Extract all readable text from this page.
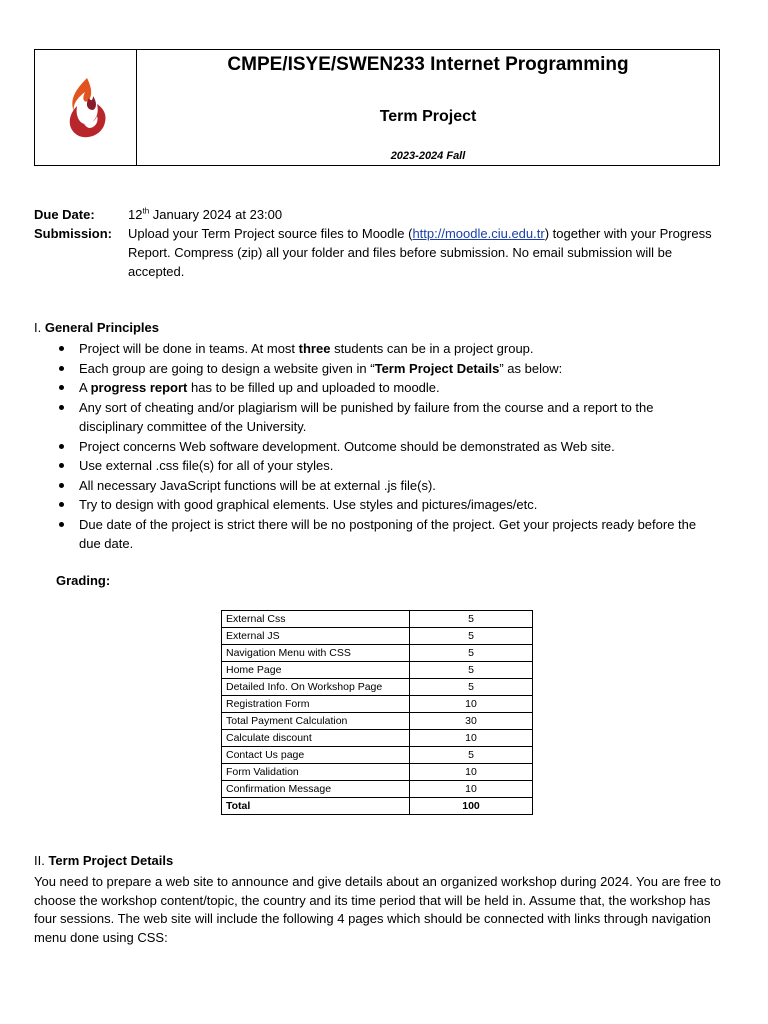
CMPE/ISYE/SWEN233 Internet Programming
Term Project
2023-2024 Fall
Due Date:	12th January 2024 at 23:00
Submission:	Upload your Term Project source files to Moodle (http://moodle.ciu.edu.tr) together with your Progress Report. Compress (zip) all your folder and files before submission. No email submission will be accepted.
I. General Principles
Project will be done in teams. At most three students can be in a project group.
Each group are going to design a website given in “Term Project Details” as below:
A progress report has to be filled up and uploaded to moodle.
Any sort of cheating and/or plagiarism will be punished by failure from the course and a report to the disciplinary committee of the University.
Project concerns Web software development. Outcome should be demonstrated as Web site.
Use external .css file(s) for all of your styles.
All necessary JavaScript functions will be at external .js file(s).
Try to design with good graphical elements. Use styles and pictures/images/etc.
Due date of the project is strict there will be no postponing of the project. Get your projects ready before the due date.
Grading:
External Css	5
External JS	5
Navigation Menu with CSS	5
Home Page	5
Detailed Info. On Workshop Page	5
Registration Form	10
Total Payment Calculation	30
Calculate discount	10
Contact Us page	5
Form Validation	10
Confirmation Message	10
Total	100
II. Term Project Details
You need to prepare a web site to announce and give details about an organized workshop during 2024. You are free to choose the workshop content/topic, the country and its time period that will be held in. Assume that, the workshop has four sessions. The web site will include the following 4 pages which should be connected with links through navigation menu done using CSS:
